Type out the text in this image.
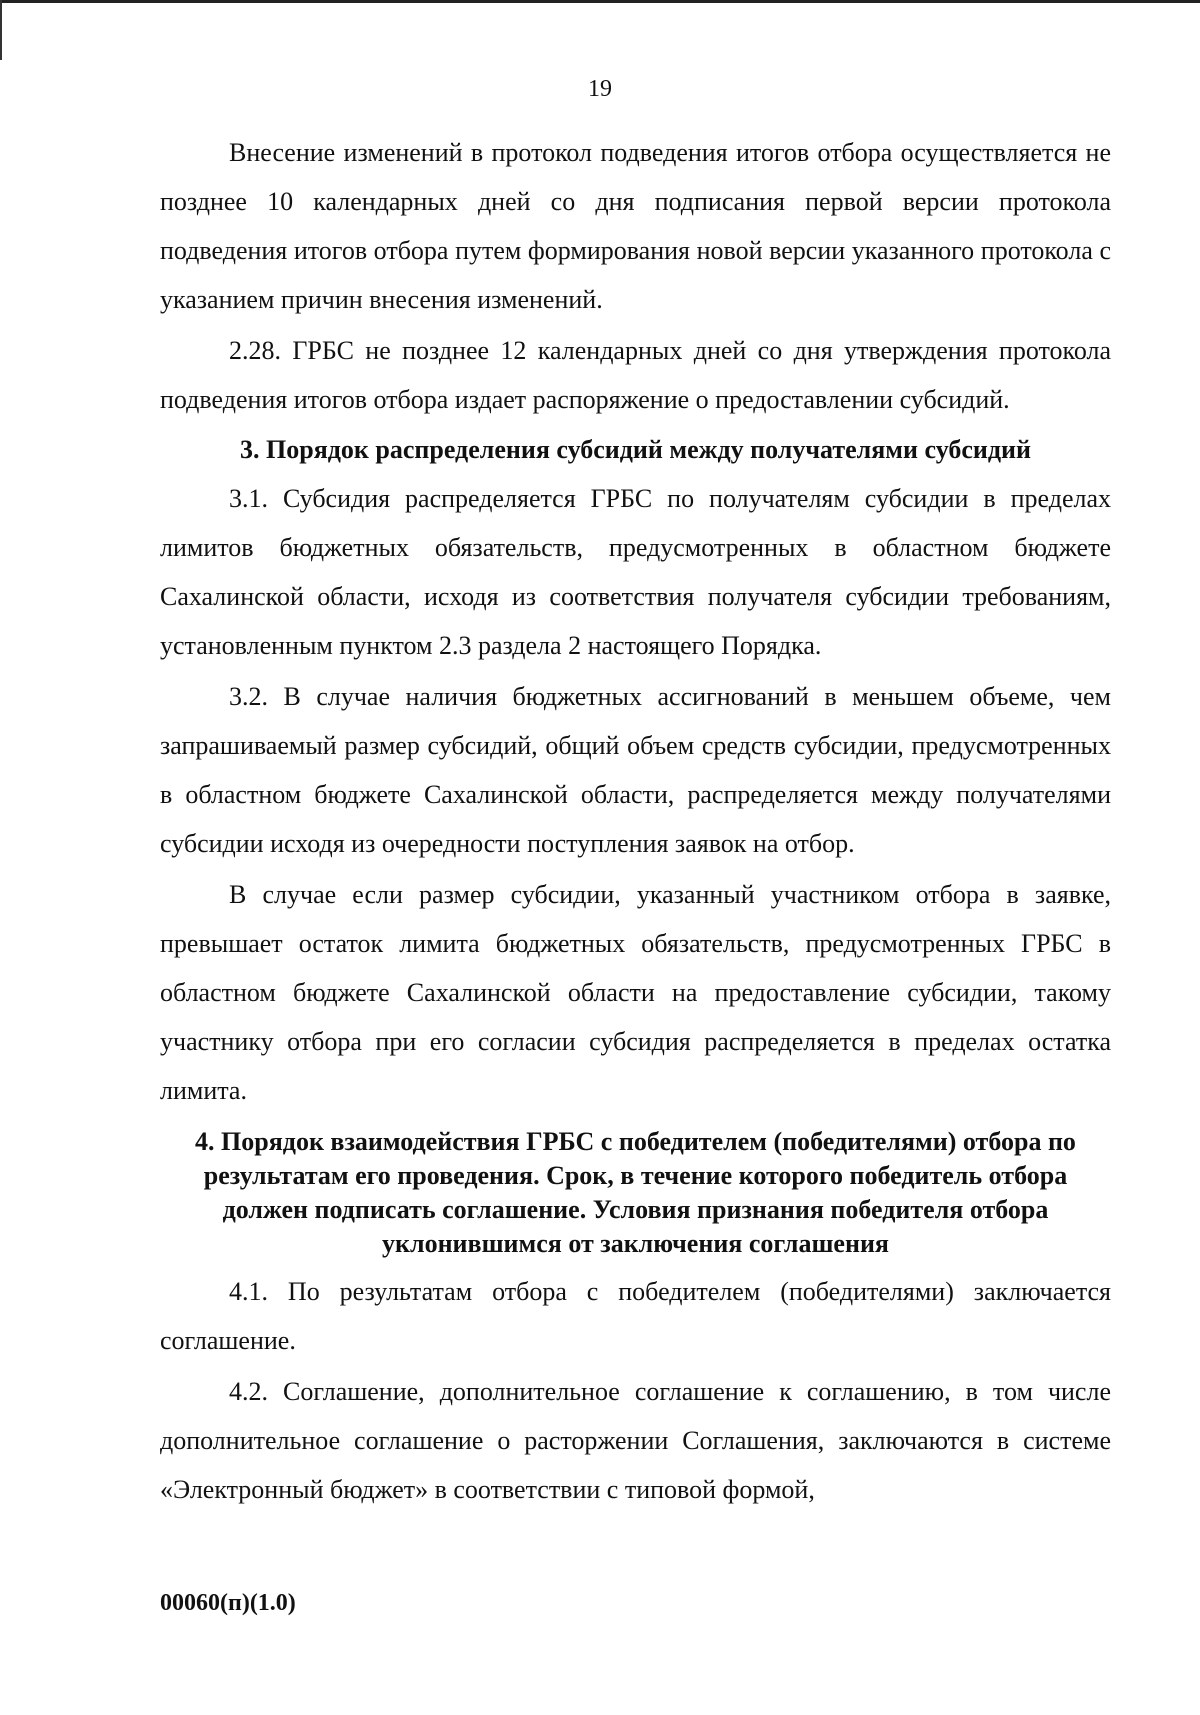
19

Внесение изменений в протокол подведения итогов отбора осуществляется не позднее 10 календарных дней со дня подписания первой версии протокола подведения итогов отбора путем формирования новой версии указанного протокола с указанием причин внесения изменений.

2.28. ГРБС не позднее 12 календарных дней со дня утверждения протокола подведения итогов отбора издает распоряжение о предоставлении субсидий.

3. Порядок распределения субсидий между получателями субсидий

3.1. Субсидия распределяется ГРБС по получателям субсидии в пределах лимитов бюджетных обязательств, предусмотренных в областном бюджете Сахалинской области, исходя из соответствия получателя субсидии требованиям, установленным пунктом 2.3 раздела 2 настоящего Порядка.

3.2. В случае наличия бюджетных ассигнований в меньшем объеме, чем запрашиваемый размер субсидий, общий объем средств субсидии, предусмотренных в областном бюджете Сахалинской области, распределяется между получателями субсидии исходя из очередности поступления заявок на отбор.

В случае если размер субсидии, указанный участником отбора в заявке, превышает остаток лимита бюджетных обязательств, предусмотренных ГРБС в областном бюджете Сахалинской области на предоставление субсидии, такому участнику отбора при его согласии субсидия распределяется в пределах остатка лимита.

4. Порядок взаимодействия ГРБС с победителем (победителями) отбора по результатам его проведения. Срок, в течение которого победитель отбора должен подписать соглашение. Условия признания победителя отбора уклонившимся от заключения соглашения

4.1. По результатам отбора с победителем (победителями) заключается соглашение.

4.2. Соглашение, дополнительное соглашение к соглашению, в том числе дополнительное соглашение о расторжении Соглашения, заключаются в системе «Электронный бюджет» в соответствии с типовой формой,

00060(п)(1.0)
